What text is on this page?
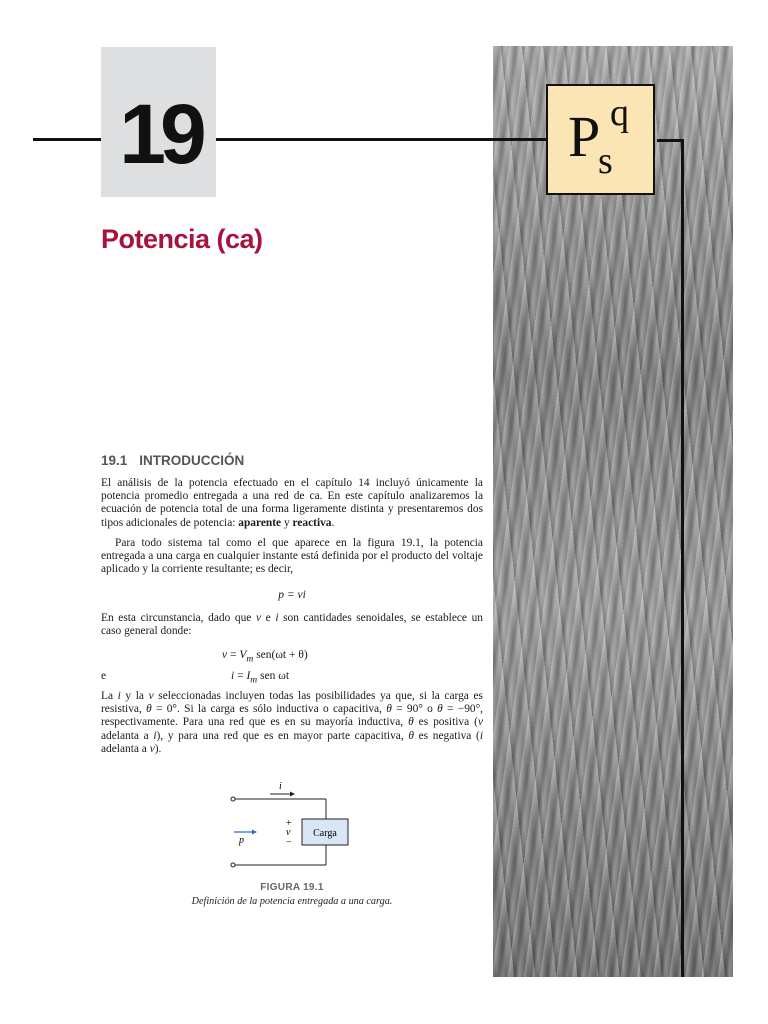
19	P q
s
Potencia (ca)
19.1 INTRODUCCIÓN

El análisis de la potencia efectuado en el capítulo 14 incluyó únicamente la potencia promedio entregada a una red de ca. En este capítulo analizaremos la ecuación de potencia total de una forma ligeramente distinta y presentaremos dos tipos adicionales de potencia: aparente y reactiva.

Para todo sistema tal como el que aparece en la figura 19.1, la potencia entregada a una carga en cualquier instante está definida por el producto del voltaje aplicado y la corriente resultante; es decir,

p = vi

En esta circunstancia, dado que v e i son cantidades senoidales, se establece un caso general donde:

$v = V_m$ sen(ωt + θ)
e	$i = I_m$ sen ωt

La i y la v seleccionadas incluyen todas las posibilidades ya que, si la carga es resistiva, θ = 0°. Si la carga es sólo inductiva o capacitiva, θ = 90° o θ = −90°, respectivamente. Para una red que es en su mayoría inductiva, θ es positiva (v adelanta a i), y para una red que es en mayor parte capacitiva, θ es negativa (i adelanta a v).

i
+
v
−
p
Carga
FIGURA 19.1
Definición de la potencia entregada a una carga.
